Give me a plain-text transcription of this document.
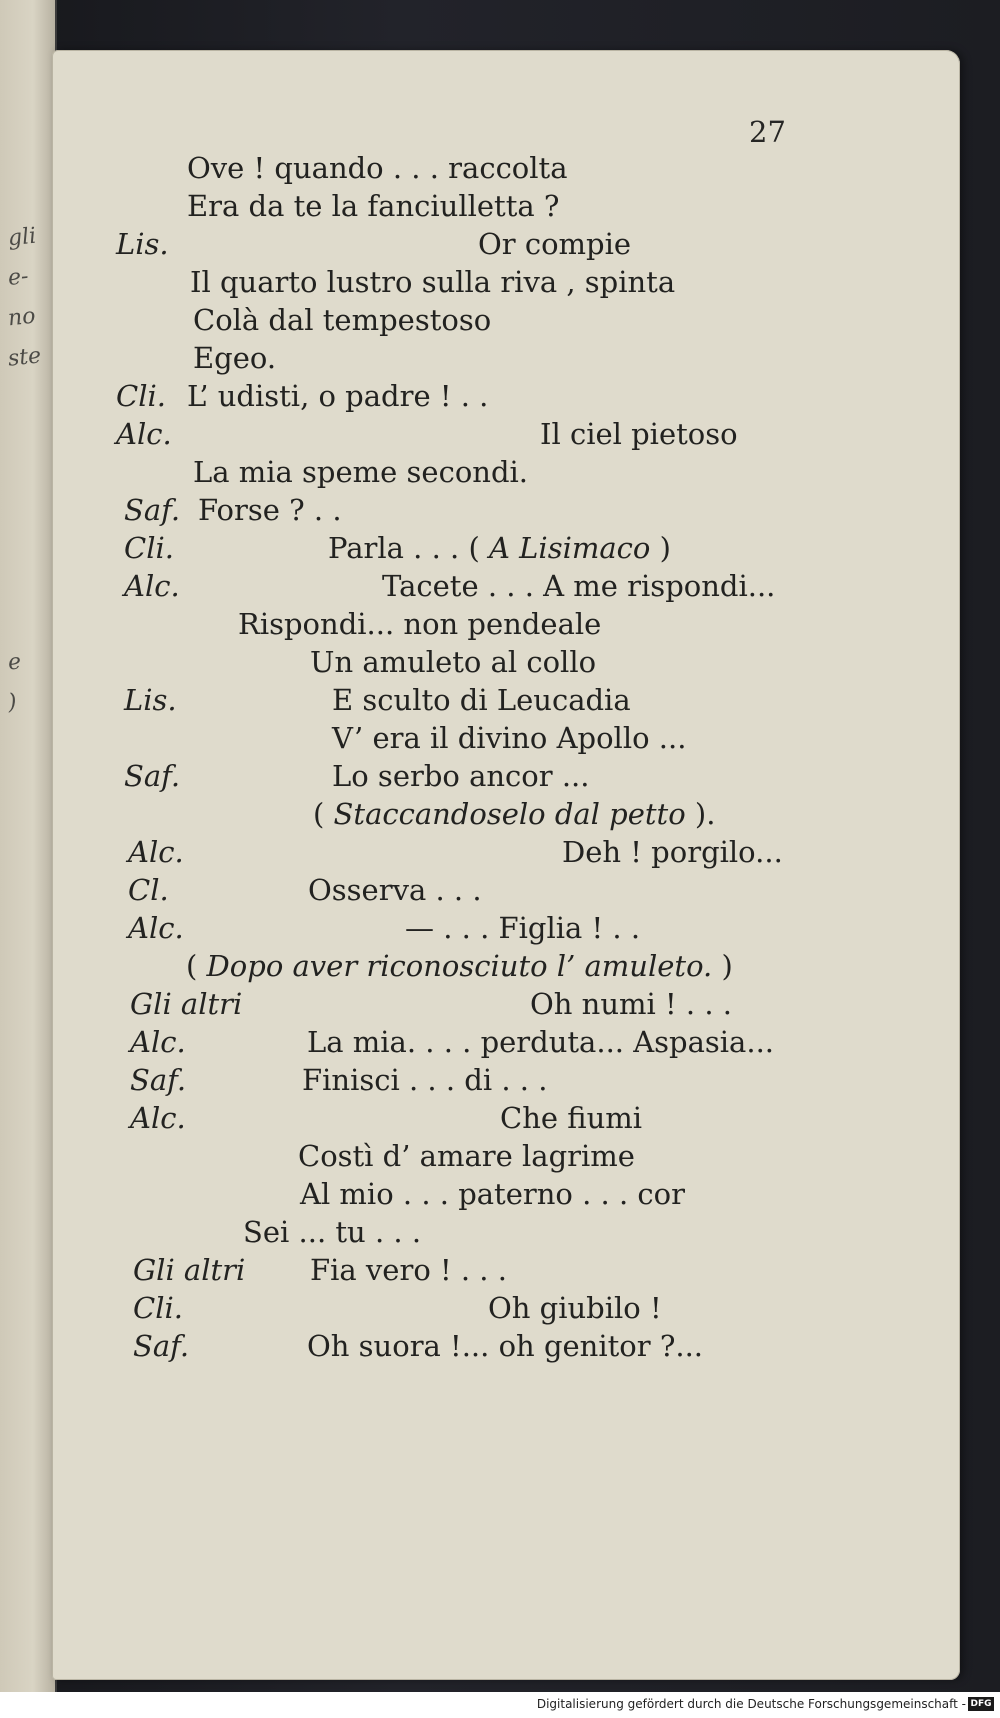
gli
e-
no
ste
e
)
27
Ove ! quando . . . raccolta
Era da te la fanciulletta ?
Lis.	Or compie
Il quarto lustro sulla riva , spinta
Colà dal tempestoso
Egeo.
Cli. L’ udisti, o padre ! . .
Alc.	Il ciel pietoso
La mia speme secondi.
Saf. Forse ? . .
Cli.	Parla . . . ( A Lisimaco )
Alc.	Tacete . . . A me rispondi...
Rispondi... non pendeale
Un amuleto al collo
Lis.	E sculto di Leucadia
V’ era il divino Apollo ...
Saf.	Lo serbo ancor ...
( Staccandoselo dal petto ).
Alc.	Deh ! porgilo...
Cl.	Osserva . . .
Alc.	— . . . Figlia ! . .
( Dopo aver riconosciuto l’ amuleto. )
Gli altri	Oh numi ! . . .
Alc.	La mia. . . . perduta... Aspasia...
Saf.	Finisci . . . di . . .
Alc.	Che fiumi
Costì d’ amare lagrime
Al mio . . . paterno . . . cor
Sei ... tu . . .
Gli altri Fia vero ! . . .
Cli.	Oh giubilo !
Saf.	Oh suora !... oh genitor ?...
Digitalisierung gefördert durch die Deutsche Forschungsgemeinschaft - DFG
